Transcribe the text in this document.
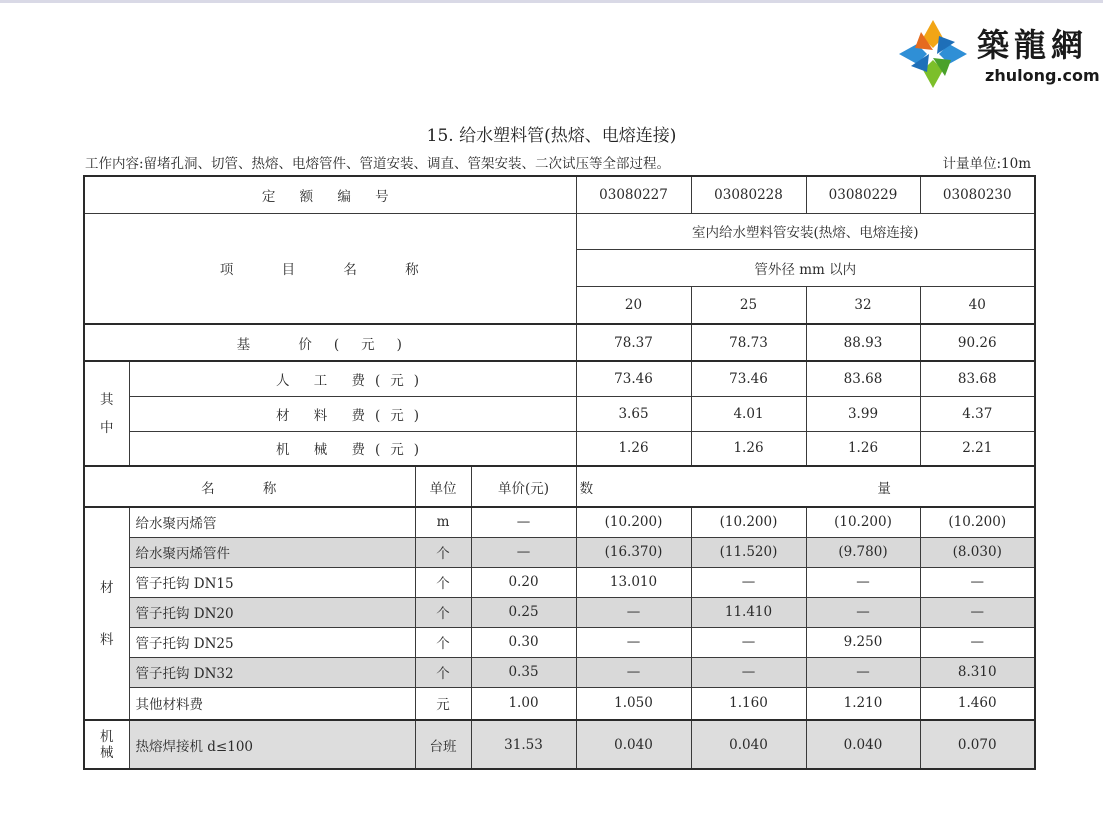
築龍網
zhulong.com
15. 给水塑料管(热熔、电熔连接)
工作内容:留堵孔洞、切管、热熔、电熔管件、管道安装、调直、管架安装、二次试压等全部过程。	计量单位:10m
定 额 编 号				03080227	03080228	03080229	03080230
项 目 名 称				室内给水塑料管安装(热熔、电熔连接)			
				管外径 mm 以内			
				20	25	32	40
基 价(元)				78.37	78.73	88.93	90.26
其中	人 工 费(元)			73.46	73.46	83.68	83.68
	材 料 费(元)			3.65	4.01	3.99	4.37
	机 械 费(元)			1.26	1.26	1.26	2.21
名 称		单位	单价(元)	数 量			
材料	给水聚丙烯管	m	—	(10.200)	(10.200)	(10.200)	(10.200)
	给水聚丙烯管件	个	—	(16.370)	(11.520)	(9.780)	(8.030)
	管子托钩 DN15	个	0.20	13.010	—	—	—
	管子托钩 DN20	个	0.25	—	11.410	—	—
	管子托钩 DN25	个	0.30	—	—	9.250	—
	管子托钩 DN32	个	0.35	—	—	—	8.310
	其他材料费	元	1.00	1.050	1.160	1.210	1.460
机械	热熔焊接机 d≤100	台班	31.53	0.040	0.040	0.040	0.070
